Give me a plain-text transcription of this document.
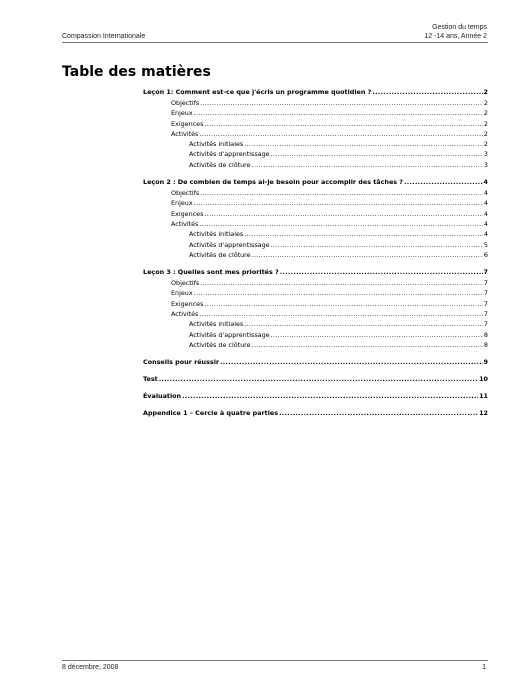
Compassion Internationale
Gestion du temps
12 -14 ans, Année 2
Table des matières
Leçon 1: Comment est-ce que j'écris un programme quotidien ? .....	2
Objectifs .....	2
Enjeux .....	2
Exigences .....	2
Activités .....	2
Activités initiales .....	2
Activités d'apprentissage .....	3
Activités de clôture .....	3
Leçon 2 : De combien de temps ai-je besoin pour accomplir des tâches ? .....	4
Objectifs .....	4
Enjeux .....	4
Exigences .....	4
Activités .....	4
Activités initiales .....	4
Activités d'apprentissage .....	5
Activités de clôture .....	6
Leçon 3 : Quelles sont mes priorités ? .....	7
Objectifs .....	7
Enjeux .....	7
Exigences .....	7
Activités .....	7
Activités initiales .....	7
Activités d'apprentissage .....	8
Activités de clôture .....	8
Conseils pour réussir .....	9
Test .....	10
Évaluation .....	11
Appendice 1 – Cercle à quatre parties .....	12
8 décembre, 2008	1
